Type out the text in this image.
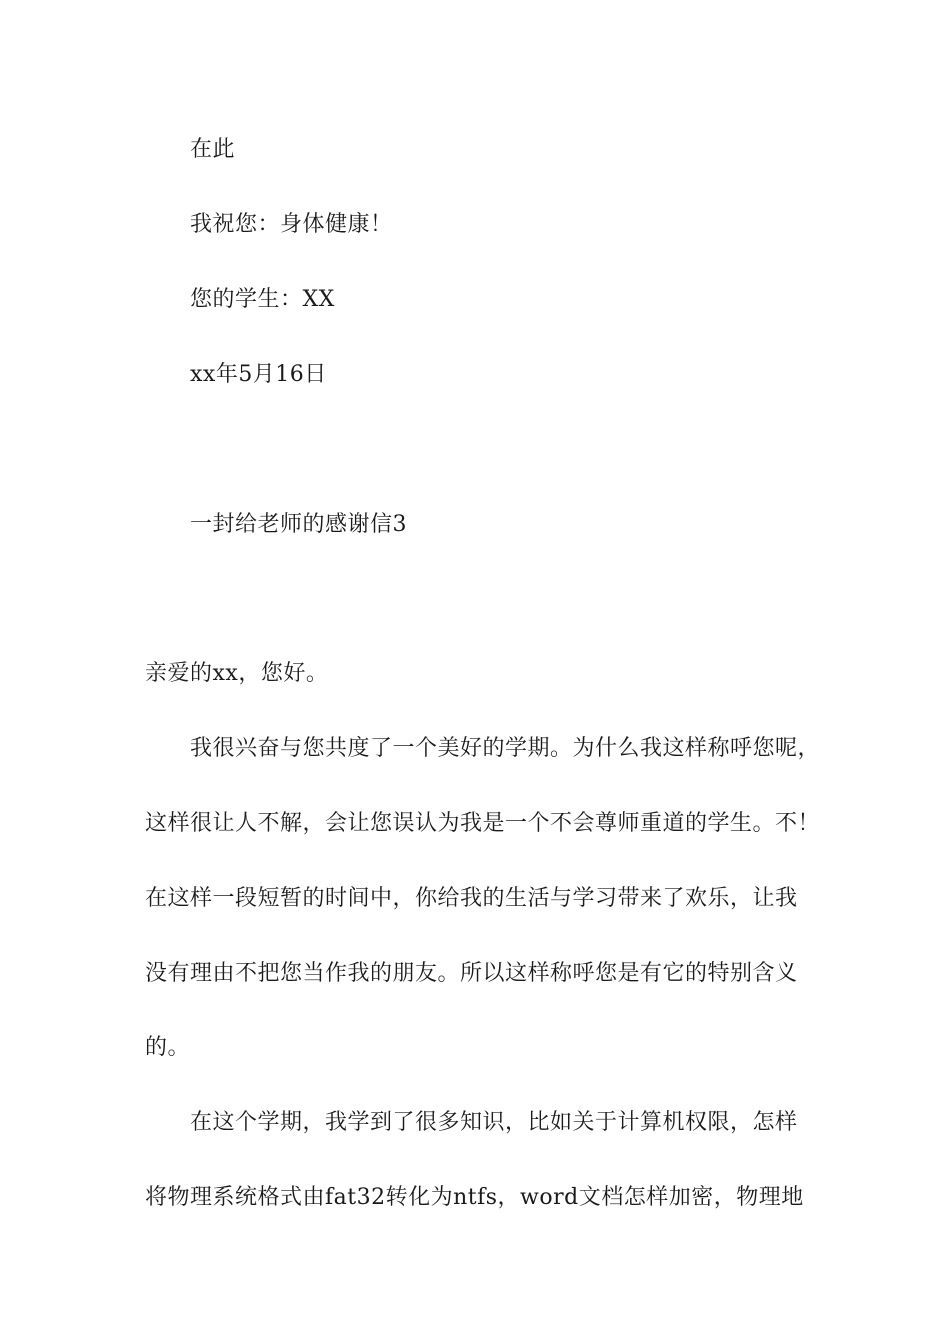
在此
我祝您：身体健康！
您的学生：XX
xx年5月16日
一封给老师的感谢信3
亲爱的xx，您好。
我很兴奋与您共度了一个美好的学期。为什么我这样称呼您呢，
这样很让人不解，会让您误认为我是一个不会尊师重道的学生。不！
在这样一段短暂的时间中，你给我的生活与学习带来了欢乐，让我
没有理由不把您当作我的朋友。所以这样称呼您是有它的特别含义
的。
在这个学期，我学到了很多知识，比如关于计算机权限，怎样
将物理系统格式由fat32转化为ntfs，word文档怎样加密，物理地
